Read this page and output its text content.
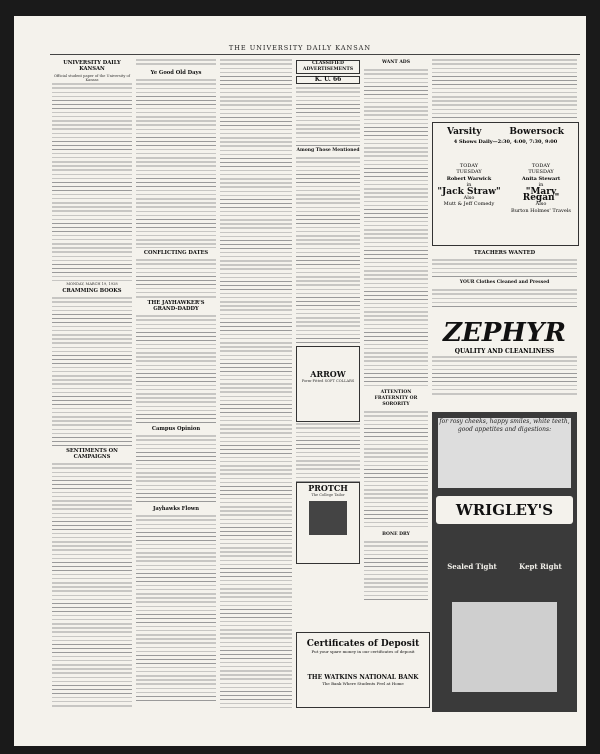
THE UNIVERSITY DAILY KANSAN
UNIVERSITY DAILY KANSAN
Official student paper of the University of Kansas
MONDAY, MARCH 19, 1928
CRAMMING BOOKS
SENTIMENTS ON CAMPAIGNS
Ye Good Old Days
CONFLICTING DATES
THE JAYHAWKER'S GRAND-DADDY
Campus Opinion
Jayhawks Flown
CLASSIFIED ADVERTISEMENTS
K. U. 66
Among Those Mentioned
ARROW
Form-Fitted SOFT COLLARS
PROTCH
The College Tailor
WANT ADS
ATTENTION FRATERNITY OR SORORITY
BONE DRY
Varsity	Bowersock
4 Shows Daily—2:30, 4:00, 7:30, 9:00
TODAY
TUESDAY
Robert Warwick
in
"Jack Straw"
Also
Mutt & Jeff Comedy
TODAY
TUESDAY
Anita Stewart
in
"Mary Regan"
Also
Burton Holmes' Travels
TEACHERS WANTED
YOUR Clothes Cleaned and Pressed
ZEPHYR
QUALITY AND CLEANLINESS
for rosy cheeks, happy smiles, white teeth, good appetites and digestions:
WRIGLEY'S
Sealed Tight	Kept Right
Certificates of Deposit
Put your spare money in our certificates of deposit
THE WATKINS NATIONAL BANK
The Bank Where Students Feel at Home
